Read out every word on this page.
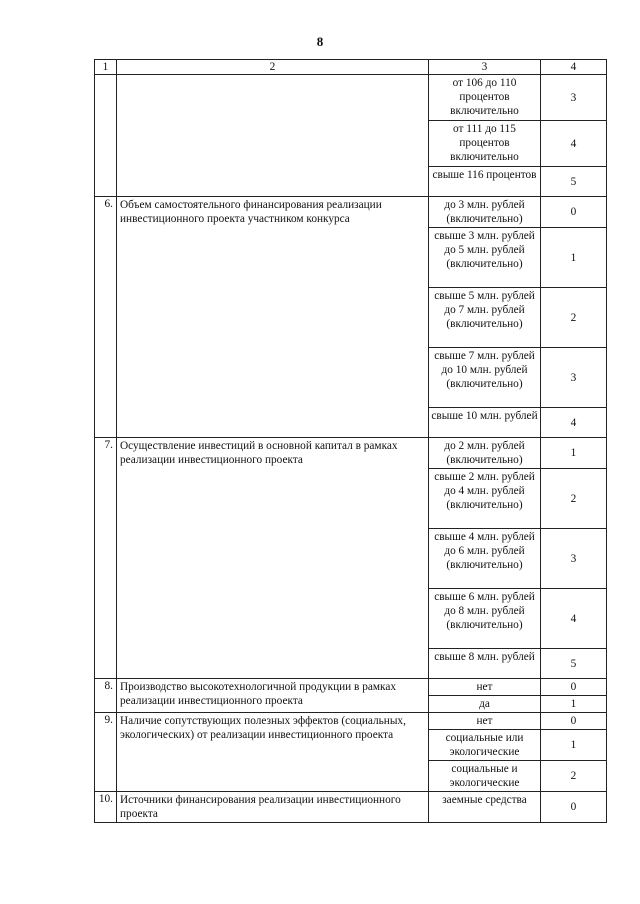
8
1	2	3	4
		от 106 до 110 процентов включительно	3
		от 111 до 115 процентов включительно	4
		свыше 116 процентов	5
6.	Объем самостоятельного финансирования реализации инвестиционного проекта участником конкурса	до 3 млн. рублей (включительно)	0
		свыше 3 млн. рублей до 5 млн. рублей (включительно)	1
		свыше 5 млн. рублей до 7 млн. рублей (включительно)	2
		свыше 7 млн. рублей до 10 млн. рублей (включительно)	3
		свыше 10 млн. рублей	4
7.	Осуществление инвестиций в основной капитал в рамках реализации инвестиционного проекта	до 2 млн. рублей (включительно)	1
		свыше 2 млн. рублей до 4 млн. рублей (включительно)	2
		свыше 4 млн. рублей до 6 млн. рублей (включительно)	3
		свыше 6 млн. рублей до 8 млн. рублей (включительно)	4
		свыше 8 млн. рублей	5
8.	Производство высокотехнологичной продукции в рамках реализации инвестиционного проекта	нет	0
		да	1
9.	Наличие сопутствующих полезных эффектов (социальных, экологических) от реализации инвестиционного проекта	нет	0
		социальные или экологические	1
		социальные и экологические	2
10.	Источники финансирования реализации инвестиционного проекта	заемные средства	0
